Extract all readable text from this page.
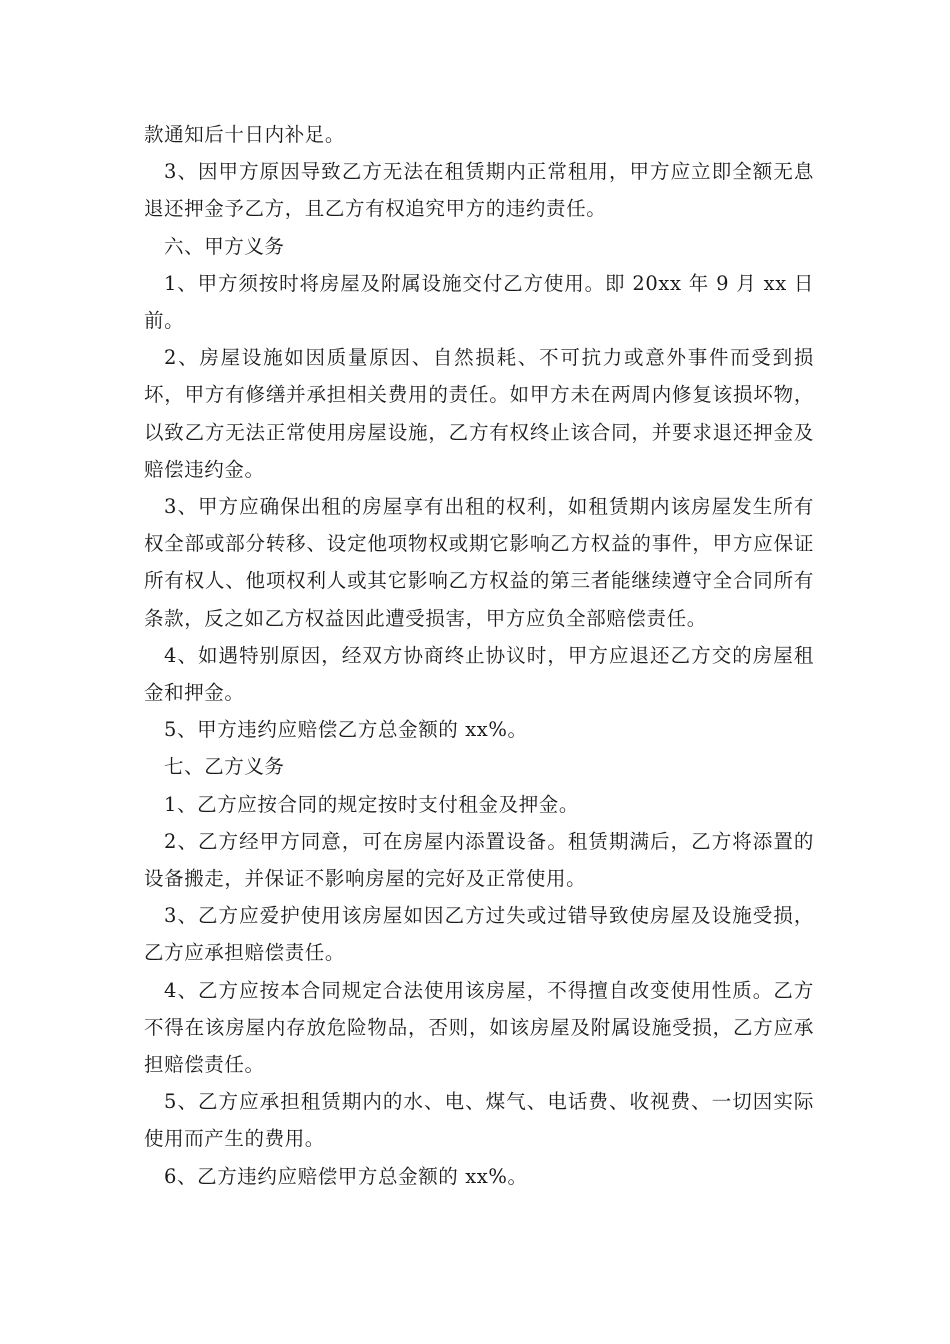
款通知后十日内补足。

3、因甲方原因导致乙方无法在租赁期内正常租用，甲方应立即全额无息退还押金予乙方，且乙方有权追究甲方的违约责任。

六、甲方义务

1、甲方须按时将房屋及附属设施交付乙方使用。即 20xx 年 9 月 xx 日前。

2、房屋设施如因质量原因、自然损耗、不可抗力或意外事件而受到损坏，甲方有修缮并承担相关费用的责任。如甲方未在两周内修复该损坏物，以致乙方无法正常使用房屋设施，乙方有权终止该合同，并要求退还押金及赔偿违约金。

3、甲方应确保出租的房屋享有出租的权利，如租赁期内该房屋发生所有权全部或部分转移、设定他项物权或期它影响乙方权益的事件，甲方应保证所有权人、他项权利人或其它影响乙方权益的第三者能继续遵守全合同所有条款，反之如乙方权益因此遭受损害，甲方应负全部赔偿责任。

4、如遇特别原因，经双方协商终止协议时，甲方应退还乙方交的房屋租金和押金。

5、甲方违约应赔偿乙方总金额的 xx%。

七、乙方义务

1、乙方应按合同的规定按时支付租金及押金。

2、乙方经甲方同意，可在房屋内添置设备。租赁期满后，乙方将添置的设备搬走，并保证不影响房屋的完好及正常使用。

3、乙方应爱护使用该房屋如因乙方过失或过错导致使房屋及设施受损，乙方应承担赔偿责任。

4、乙方应按本合同规定合法使用该房屋，不得擅自改变使用性质。乙方不得在该房屋内存放危险物品，否则，如该房屋及附属设施受损，乙方应承担赔偿责任。

5、乙方应承担租赁期内的水、电、煤气、电话费、收视费、一切因实际使用而产生的费用。

6、乙方违约应赔偿甲方总金额的 xx%。
